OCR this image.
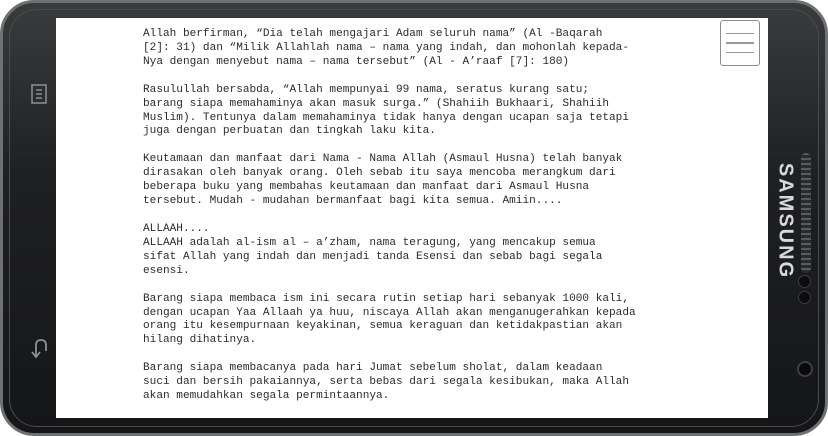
SAMSUNG

Allah berfirman, “Dia telah mengajari Adam seluruh nama” (Al -Baqarah
[2]: 31) dan “Milik Allahlah nama – nama yang indah, dan mohonlah kepada-
Nya dengan menyebut nama – nama tersebut” (Al - A’raaf [7]: 180)

Rasulullah bersabda, “Allah mempunyai 99 nama, seratus kurang satu;
barang siapa memahaminya akan masuk surga.” (Shahiih Bukhaari, Shahiih
Muslim). Tentunya dalam memahaminya tidak hanya dengan ucapan saja tetapi
juga dengan perbuatan dan tingkah laku kita.

Keutamaan dan manfaat dari Nama - Nama Allah (Asmaul Husna) telah banyak
dirasakan oleh banyak orang. Oleh sebab itu saya mencoba merangkum dari
beberapa buku yang membahas keutamaan dan manfaat dari Asmaul Husna
tersebut. Mudah - mudahan bermanfaat bagi kita semua. Amiin....

ALLAAH....
ALLAAH adalah al-ism al – a’zham, nama teragung, yang mencakup semua
sifat Allah yang indah dan menjadi tanda Esensi dan sebab bagi segala
esensi.

Barang siapa membaca ism ini secara rutin setiap hari sebanyak 1000 kali,
dengan ucapan Yaa Allaah ya huu, niscaya Allah akan menganugerahkan kepada
orang itu kesempurnaan keyakinan, semua keraguan dan ketidakpastian akan
hilang dihatinya.

Barang siapa membacanya pada hari Jumat sebelum sholat, dalam keadaan
suci dan bersih pakaiannya, serta bebas dari segala kesibukan, maka Allah
akan memudahkan segala permintaannya.
